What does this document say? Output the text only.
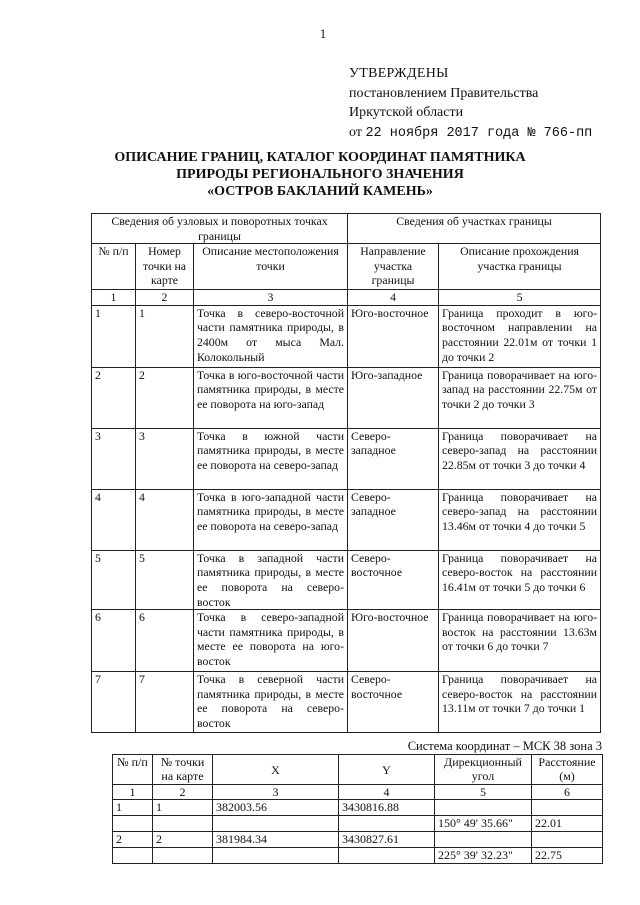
1
УТВЕРЖДЕНЫ
постановлением Правительства
Иркутской области
от 22 ноября 2017 года № 766-пп
ОПИСАНИЕ ГРАНИЦ, КАТАЛОГ КООРДИНАТ ПАМЯТНИКА
ПРИРОДЫ РЕГИОНАЛЬНОГО ЗНАЧЕНИЯ
«ОСТРОВ БАКЛАНИЙ КАМЕНЬ»
Сведения об узловых и поворотных точках границы			Сведения об участках границы	
№ п/п	Номер точки на карте	Описание местоположения точки	Направление участка границы	Описание прохождения участка границы
1	2	3	4	5
1	1	Точка в северо-восточной части памятника природы, в 2400м от мыса Мал. Колокольный	Юго-восточное	Граница проходит в юго-восточном направлении на расстоянии 22.01м от точки 1 до точки 2
2	2	Точка в юго-восточной части памятника природы, в месте ее поворота на юго-запад	Юго-западное	Граница поворачивает на юго-запад на расстоянии 22.75м от точки 2 до точки 3
3	3	Точка в южной части памятника природы, в месте ее поворота на северо-запад	Северо-западное	Граница поворачивает на северо-запад на расстоянии 22.85м от точки 3 до точки 4
4	4	Точка в юго-западной части памятника природы, в месте ее поворота на северо-запад	Северо-западное	Граница поворачивает на северо-запад на расстоянии 13.46м от точки 4 до точки 5
5	5	Точка в западной части памятника природы, в месте ее поворота на северо-восток	Северо-восточное	Граница поворачивает на северо-восток на расстоянии 16.41м от точки 5 до точки 6
6	6	Точка в северо-западной части памятника природы, в месте ее поворота на юго-восток	Юго-восточное	Граница поворачивает на юго-восток на расстоянии 13.63м от точки 6 до точки 7
7	7	Точка в северной части памятника природы, в месте ее поворота на северо-восток	Северо-восточное	Граница поворачивает на северо-восток на расстоянии 13.11м от точки 7 до точки 1
Система координат – МСК 38 зона 3
№ п/п	№ точки на карте	X	Y	Дирекционный угол	Расстояние (м)
1	2	3	4	5	6
1	1	382003.56	3430816.88		
				150° 49' 35.66"	22.01
2	2	381984.34	3430827.61		
				225° 39' 32.23"	22.75
